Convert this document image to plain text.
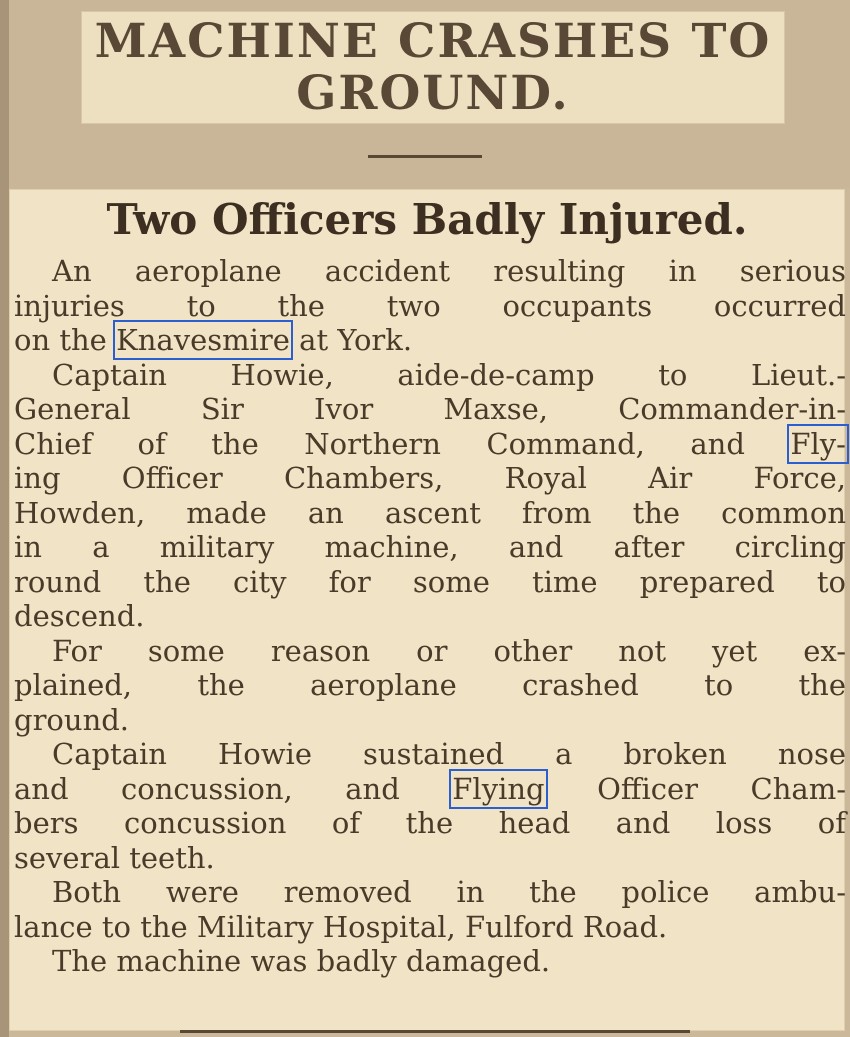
MACHINE CRASHES TO
GROUND.
Two Officers Badly Injured.

An aeroplane accident resulting in serious
injuries to the two occupants occurred
on the Knavesmire at York.

Captain Howie, aide-de-camp to Lieut.-
General Sir Ivor Maxse, Commander-in-
Chief of the Northern Command, and Fly-
ing Officer Chambers, Royal Air Force,
Howden, made an ascent from the common
in a military machine, and after circling
round the city for some time prepared to
descend.

For some reason or other not yet ex-
plained, the aeroplane crashed to the
ground.

Captain Howie sustained a broken nose
and concussion, and Flying Officer Cham-
bers concussion of the head and loss of
several teeth.

Both were removed in the police ambu-
lance to the Military Hospital, Fulford Road.

The machine was badly damaged.
